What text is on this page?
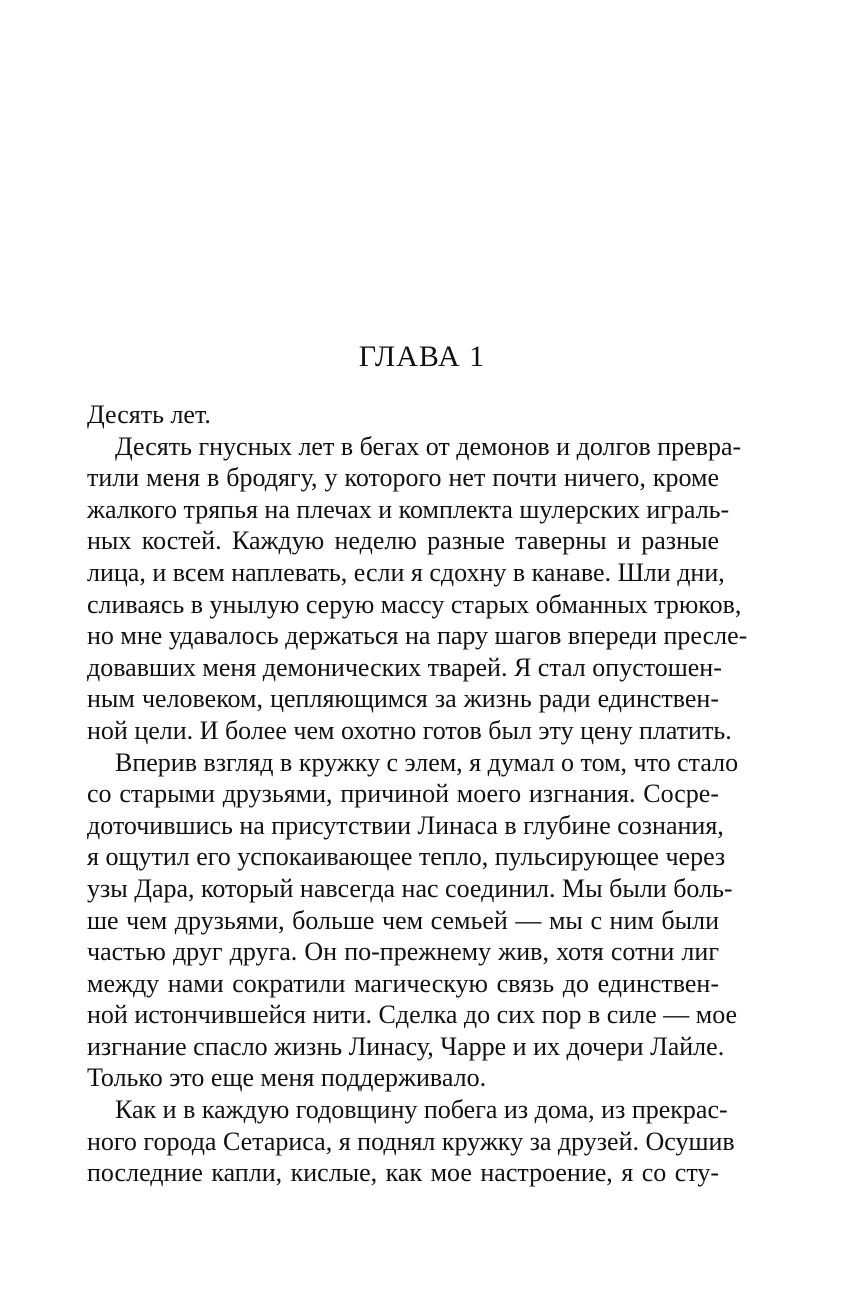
ГЛАВА 1
Десять лет.
Десять гнусных лет в бегах от демонов и долгов превра-
тили меня в бродягу, у которого нет почти ничего, кроме
жалкого тряпья на плечах и комплекта шулерских играль-
ных костей. Каждую неделю разные таверны и разные
лица, и всем наплевать, если я сдохну в канаве. Шли дни,
сливаясь в унылую серую массу старых обманных трюков,
но мне удавалось держаться на пару шагов впереди пресле-
довавших меня демонических тварей. Я стал опустошен-
ным человеком, цепляющимся за жизнь ради единствен-
ной цели. И более чем охотно готов был эту цену платить.
Вперив взгляд в кружку с элем, я думал о том, что стало
со старыми друзьями, причиной моего изгнания. Сосре-
доточившись на присутствии Линаса в глубине сознания,
я ощутил его успокаивающее тепло, пульсирующее через
узы Дара, который навсегда нас соединил. Мы были боль-
ше чем друзьями, больше чем семьей — мы с ним были
частью друг друга. Он по-прежнему жив, хотя сотни лиг
между нами сократили магическую связь до единствен-
ной истончившейся нити. Сделка до сих пор в силе — мое
изгнание спасло жизнь Линасу, Чарре и их дочери Лайле.
Только это еще меня поддерживало.
Как и в каждую годовщину побега из дома, из прекрас-
ного города Сетариса, я поднял кружку за друзей. Осушив
последние капли, кислые, как мое настроение, я со сту-
